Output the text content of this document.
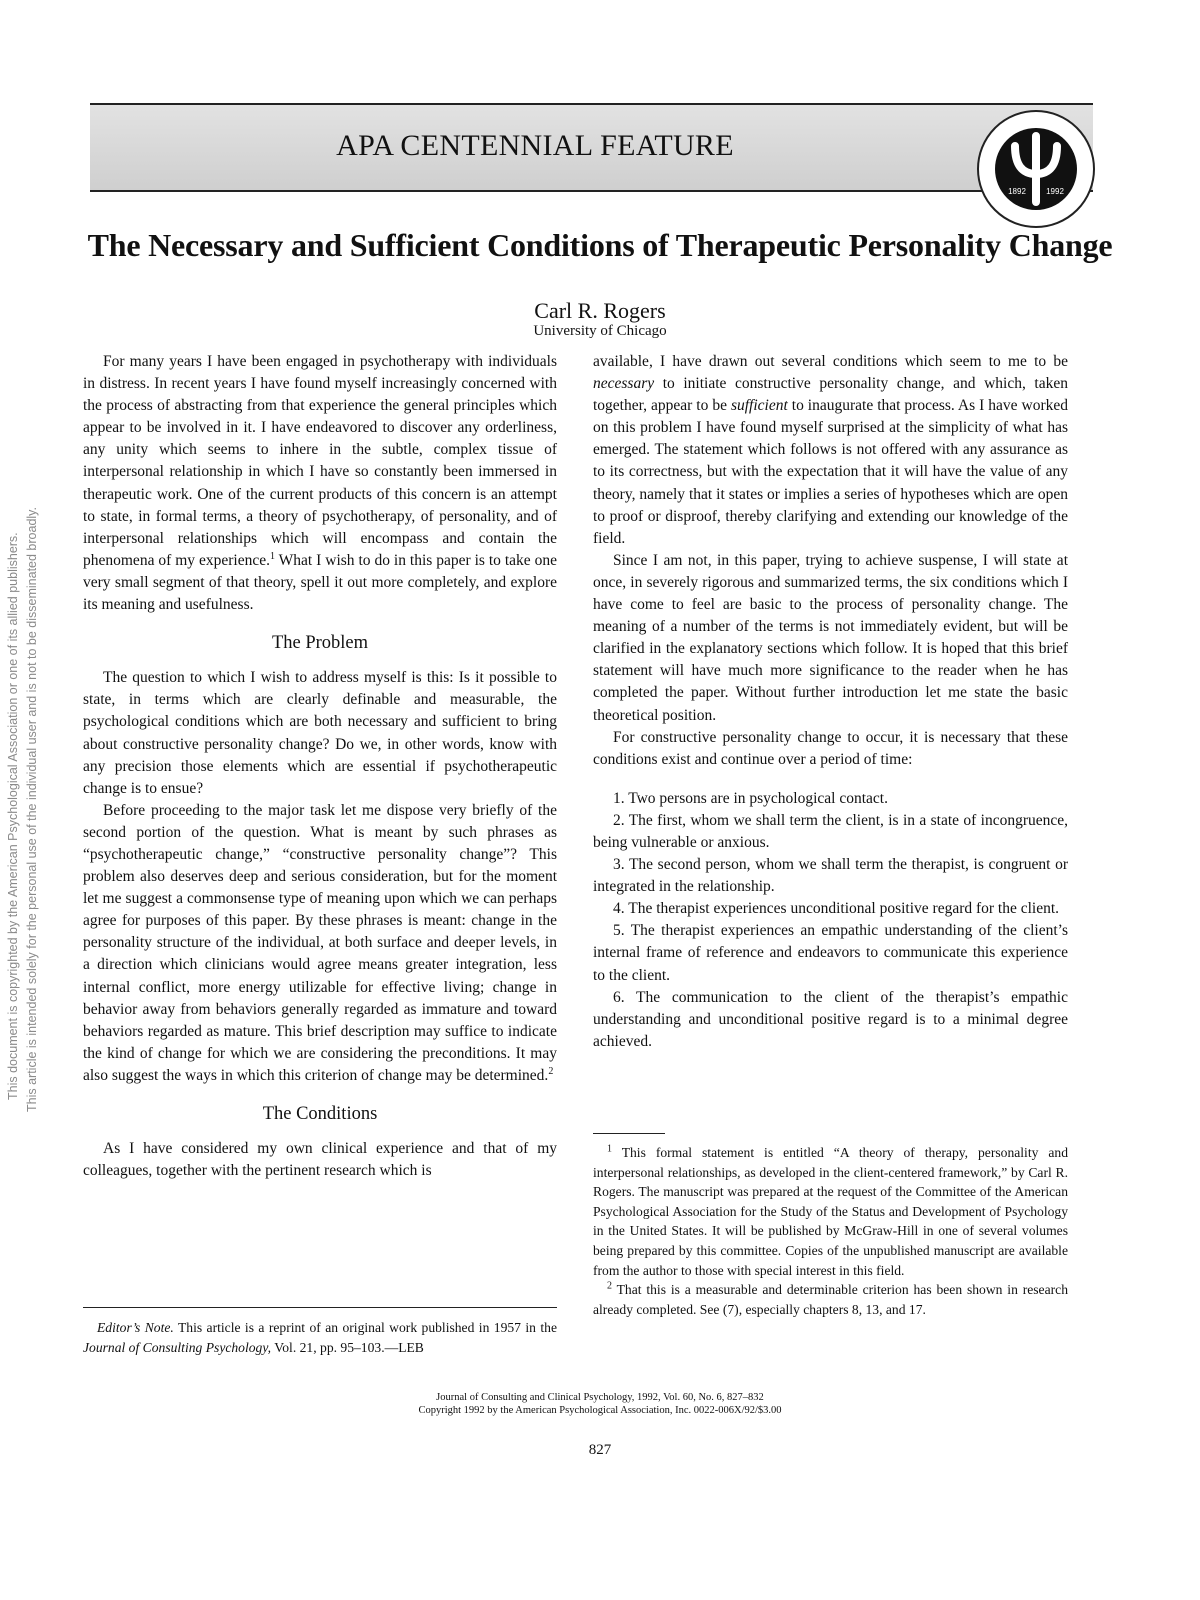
This document is copyrighted by the American Psychological Association or one of its allied publishers. This article is intended solely for the personal use of the individual user and is not to be disseminated broadly.
APA CENTENNIAL FEATURE
1892	1992
The Necessary and Sufficient Conditions of Therapeutic Personality Change
Carl R. Rogers
University of Chicago

For many years I have been engaged in psychotherapy with individuals in distress. In recent years I have found myself increasingly concerned with the process of abstracting from that experience the general principles which appear to be involved in it. I have endeavored to discover any orderliness, any unity which seems to inhere in the subtle, complex tissue of interpersonal relationship in which I have so constantly been immersed in therapeutic work. One of the current products of this concern is an attempt to state, in formal terms, a theory of psychotherapy, of personality, and of interpersonal relationships which will encompass and contain the phenomena of my experience.$^1$ What I wish to do in this paper is to take one very small segment of that theory, spell it out more completely, and explore its meaning and usefulness.

The Problem

The question to which I wish to address myself is this: Is it possible to state, in terms which are clearly definable and measurable, the psychological conditions which are both necessary and sufficient to bring about constructive personality change? Do we, in other words, know with any precision those elements which are essential if psychotherapeutic change is to ensue?

Before proceeding to the major task let me dispose very briefly of the second portion of the question. What is meant by such phrases as “psychotherapeutic change,” “constructive personality change”? This problem also deserves deep and serious consideration, but for the moment let me suggest a commonsense type of meaning upon which we can perhaps agree for purposes of this paper. By these phrases is meant: change in the personality structure of the individual, at both surface and deeper levels, in a direction which clinicians would agree means greater integration, less internal conflict, more energy utilizable for effective living; change in behavior away from behaviors generally regarded as immature and toward behaviors regarded as mature. This brief description may suffice to indicate the kind of change for which we are considering the preconditions. It may also suggest the ways in which this criterion of change may be determined.$^2$

The Conditions

As I have considered my own clinical experience and that of my colleagues, together with the pertinent research which is

available, I have drawn out several conditions which seem to me to be necessary to initiate constructive personality change, and which, taken together, appear to be sufficient to inaugurate that process. As I have worked on this problem I have found myself surprised at the simplicity of what has emerged. The statement which follows is not offered with any assurance as to its correctness, but with the expectation that it will have the value of any theory, namely that it states or implies a series of hypotheses which are open to proof or disproof, thereby clarifying and extending our knowledge of the field.

Since I am not, in this paper, trying to achieve suspense, I will state at once, in severely rigorous and summarized terms, the six conditions which I have come to feel are basic to the process of personality change. The meaning of a number of the terms is not immediately evident, but will be clarified in the explanatory sections which follow. It is hoped that this brief statement will have much more significance to the reader when he has completed the paper. Without further introduction let me state the basic theoretical position.

For constructive personality change to occur, it is necessary that these conditions exist and continue over a period of time:

1. Two persons are in psychological contact.

2. The first, whom we shall term the client, is in a state of incongruence, being vulnerable or anxious.

3. The second person, whom we shall term the therapist, is congruent or integrated in the relationship.

4. The therapist experiences unconditional positive regard for the client.

5. The therapist experiences an empathic understanding of the client’s internal frame of reference and endeavors to communicate this experience to the client.

6. The communication to the client of the therapist’s empathic understanding and unconditional positive regard is to a minimal degree achieved.

$^1$ This formal statement is entitled “A theory of therapy, personality and interpersonal relationships, as developed in the client-centered framework,” by Carl R. Rogers. The manuscript was prepared at the request of the Committee of the American Psychological Association for the Study of the Status and Development of Psychology in the United States. It will be published by McGraw-Hill in one of several volumes being prepared by this committee. Copies of the unpublished manuscript are available from the author to those with special interest in this field.

$^2$ That this is a measurable and determinable criterion has been shown in research already completed. See (7), especially chapters 8, 13, and 17.

Editor’s Note. This article is a reprint of an original work published in 1957 in the Journal of Consulting Psychology, Vol. 21, pp. 95–103.—LEB

Journal of Consulting and Clinical Psychology, 1992, Vol. 60, No. 6, 827–832
Copyright 1992 by the American Psychological Association, Inc. 0022-006X/92/$3.00
827
